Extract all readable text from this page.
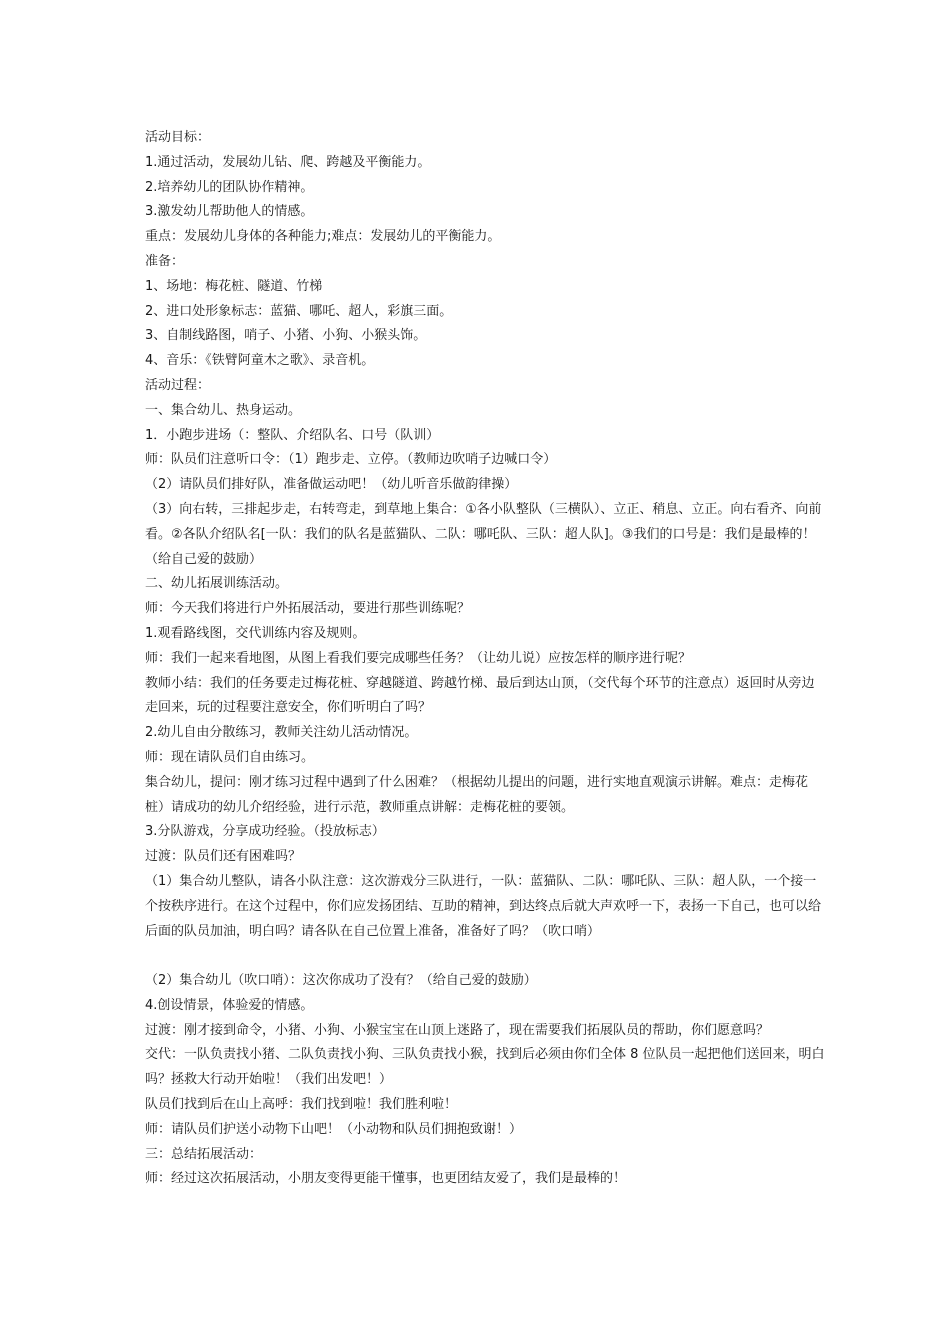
活动目标：

1.通过活动，发展幼儿钻、爬、跨越及平衡能力。

2.培养幼儿的团队协作精神。

3.激发幼儿帮助他人的情感。

重点：发展幼儿身体的各种能力;难点：发展幼儿的平衡能力。

准备：

1、场地：梅花桩、隧道、竹梯

2、进口处形象标志：蓝猫、哪吒、超人，彩旗三面。

3、自制线路图，哨子、小猪、小狗、小猴头饰。

4、音乐：《铁臂阿童木之歌》、录音机。

活动过程：

一、集合幼儿、热身运动。

1．小跑步进场（：整队、介绍队名、口号（队训）

师：队员们注意听口令：（1）跑步走、立停。（教师边吹哨子边喊口令）

（2）请队员们排好队，准备做运动吧！（幼儿听音乐做韵律操）

（3）向右转，三排起步走，右转弯走，到草地上集合：①各小队整队（三横队）、立正、稍息、立正。向右看齐、向前看。②各队介绍队名[一队：我们的队名是蓝猫队、二队：哪吒队、三队：超人队]。③我们的口号是：我们是最棒的！（给自己爱的鼓励）

二、幼儿拓展训练活动。

师：今天我们将进行户外拓展活动，要进行那些训练呢？

1.观看路线图，交代训练内容及规则。

师：我们一起来看地图，从图上看我们要完成哪些任务？（让幼儿说）应按怎样的顺序进行呢？

教师小结：我们的任务要走过梅花桩、穿越隧道、跨越竹梯、最后到达山顶，（交代每个环节的注意点）返回时从旁边走回来，玩的过程要注意安全，你们听明白了吗？

2.幼儿自由分散练习，教师关注幼儿活动情况。

师：现在请队员们自由练习。

集合幼儿，提问：刚才练习过程中遇到了什么困难？（根据幼儿提出的问题，进行实地直观演示讲解。难点：走梅花桩）请成功的幼儿介绍经验，进行示范，教师重点讲解：走梅花桩的要领。

3.分队游戏，分享成功经验。（投放标志）

过渡：队员们还有困难吗？

（1）集合幼儿整队，请各小队注意：这次游戏分三队进行，一队：蓝猫队、二队：哪吒队、三队：超人队，一个接一个按秩序进行。在这个过程中，你们应发扬团结、互助的精神，到达终点后就大声欢呼一下，表扬一下自己，也可以给后面的队员加油，明白吗？请各队在自己位置上准备，准备好了吗？（吹口哨）

（2）集合幼儿（吹口哨）：这次你成功了没有？（给自己爱的鼓励）

4.创设情景，体验爱的情感。

过渡：刚才接到命令，小猪、小狗、小猴宝宝在山顶上迷路了，现在需要我们拓展队员的帮助，你们愿意吗？

交代：一队负责找小猪、二队负责找小狗、三队负责找小猴，找到后必须由你们全体 8 位队员一起把他们送回来，明白吗？拯救大行动开始啦！（我们出发吧！）

队员们找到后在山上高呼：我们找到啦！我们胜利啦！

师：请队员们护送小动物下山吧！（小动物和队员们拥抱致谢！）

三：总结拓展活动：

师：经过这次拓展活动，小朋友变得更能干懂事，也更团结友爱了，我们是最棒的！
